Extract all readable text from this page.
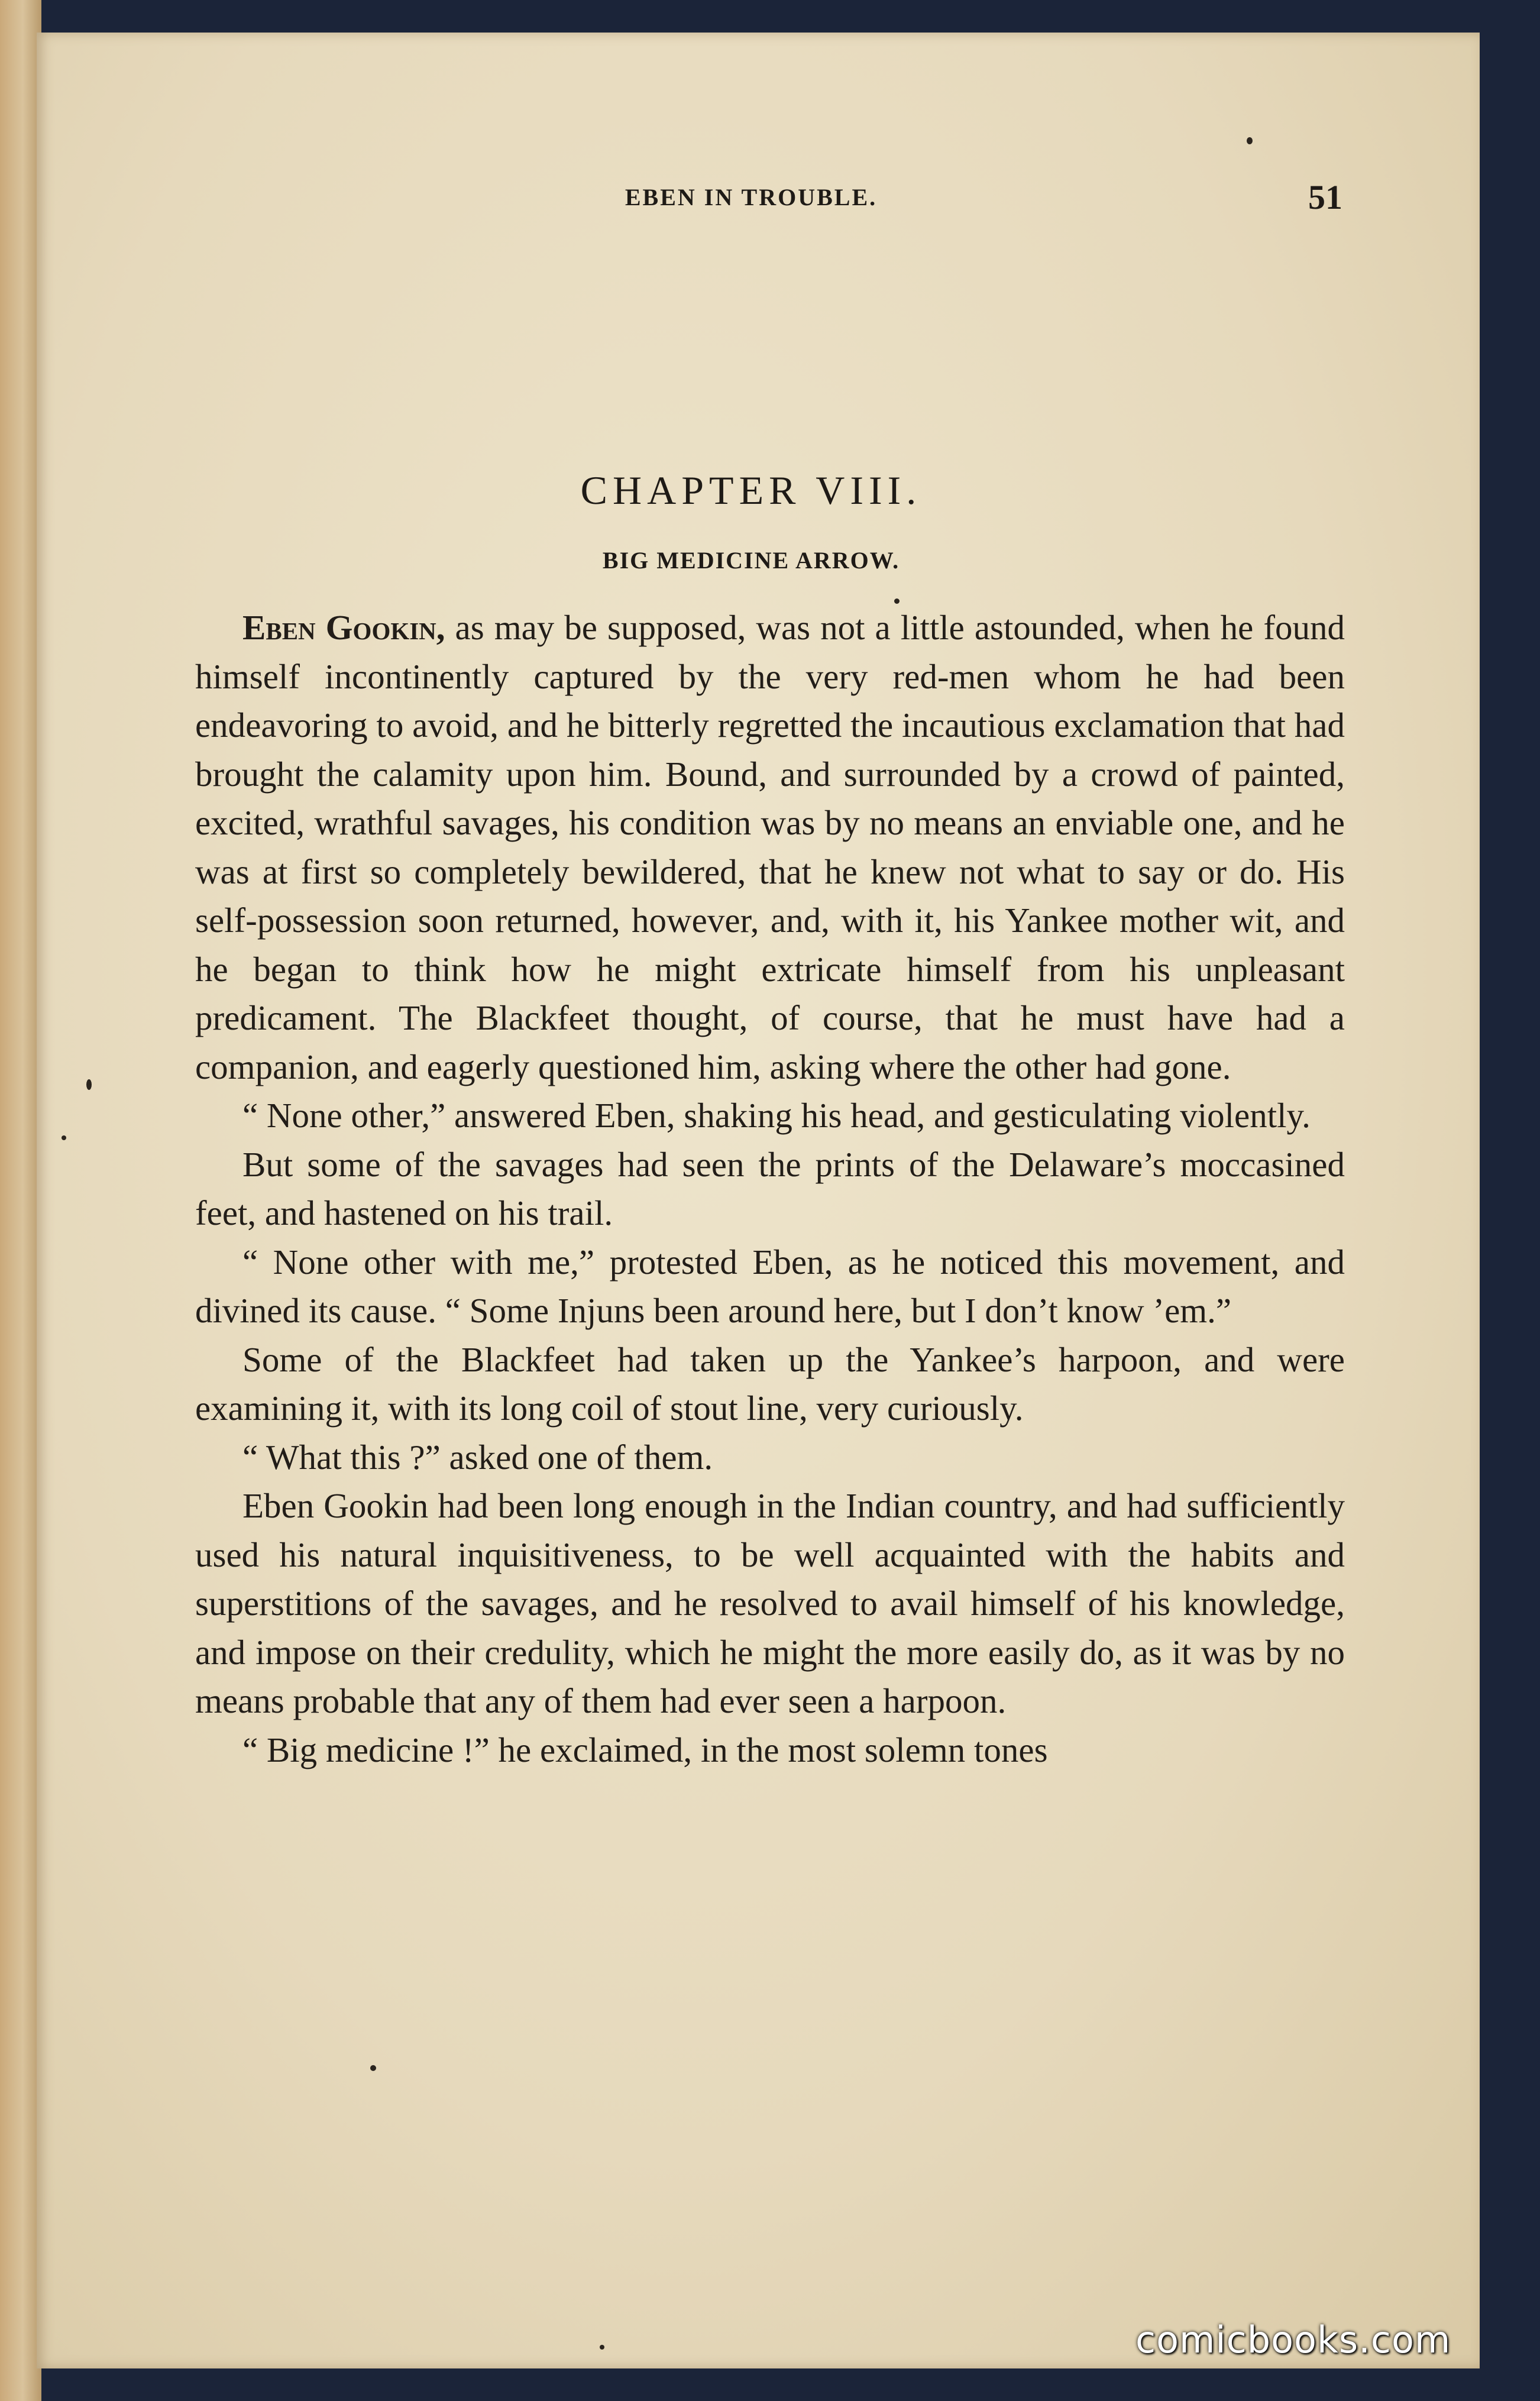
EBEN IN TROUBLE.	51
CHAPTER VIII.
BIG MEDICINE ARROW.

Eben Gookin, as may be supposed, was not a little astounded, when he found himself incontinently captured by the very red-men whom he had been endeavoring to avoid, and he bitterly regretted the incautious exclamation that had brought the calamity upon him. Bound, and surrounded by a crowd of painted, excited, wrathful savages, his condition was by no means an enviable one, and he was at first so completely bewildered, that he knew not what to say or do. His self-possession soon returned, however, and, with it, his Yankee mother wit, and he began to think how he might extricate himself from his unpleasant predicament. The Blackfeet thought, of course, that he must have had a companion, and eagerly questioned him, asking where the other had gone.

“ None other,” answered Eben, shaking his head, and gesticulating violently.

But some of the savages had seen the prints of the Delaware’s moccasined feet, and hastened on his trail.

“ None other with me,” protested Eben, as he noticed this movement, and divined its cause. “ Some Injuns been around here, but I don’t know ’em.”

Some of the Blackfeet had taken up the Yankee’s harpoon, and were examining it, with its long coil of stout line, very curiously.

“ What this ?” asked one of them.

Eben Gookin had been long enough in the Indian country, and had sufficiently used his natural inquisitiveness, to be well acquainted with the habits and superstitions of the savages, and he resolved to avail himself of his knowledge, and impose on their credulity, which he might the more easily do, as it was by no means probable that any of them had ever seen a harpoon.

“ Big medicine !” he exclaimed, in the most solemn tones

comicbooks.com
